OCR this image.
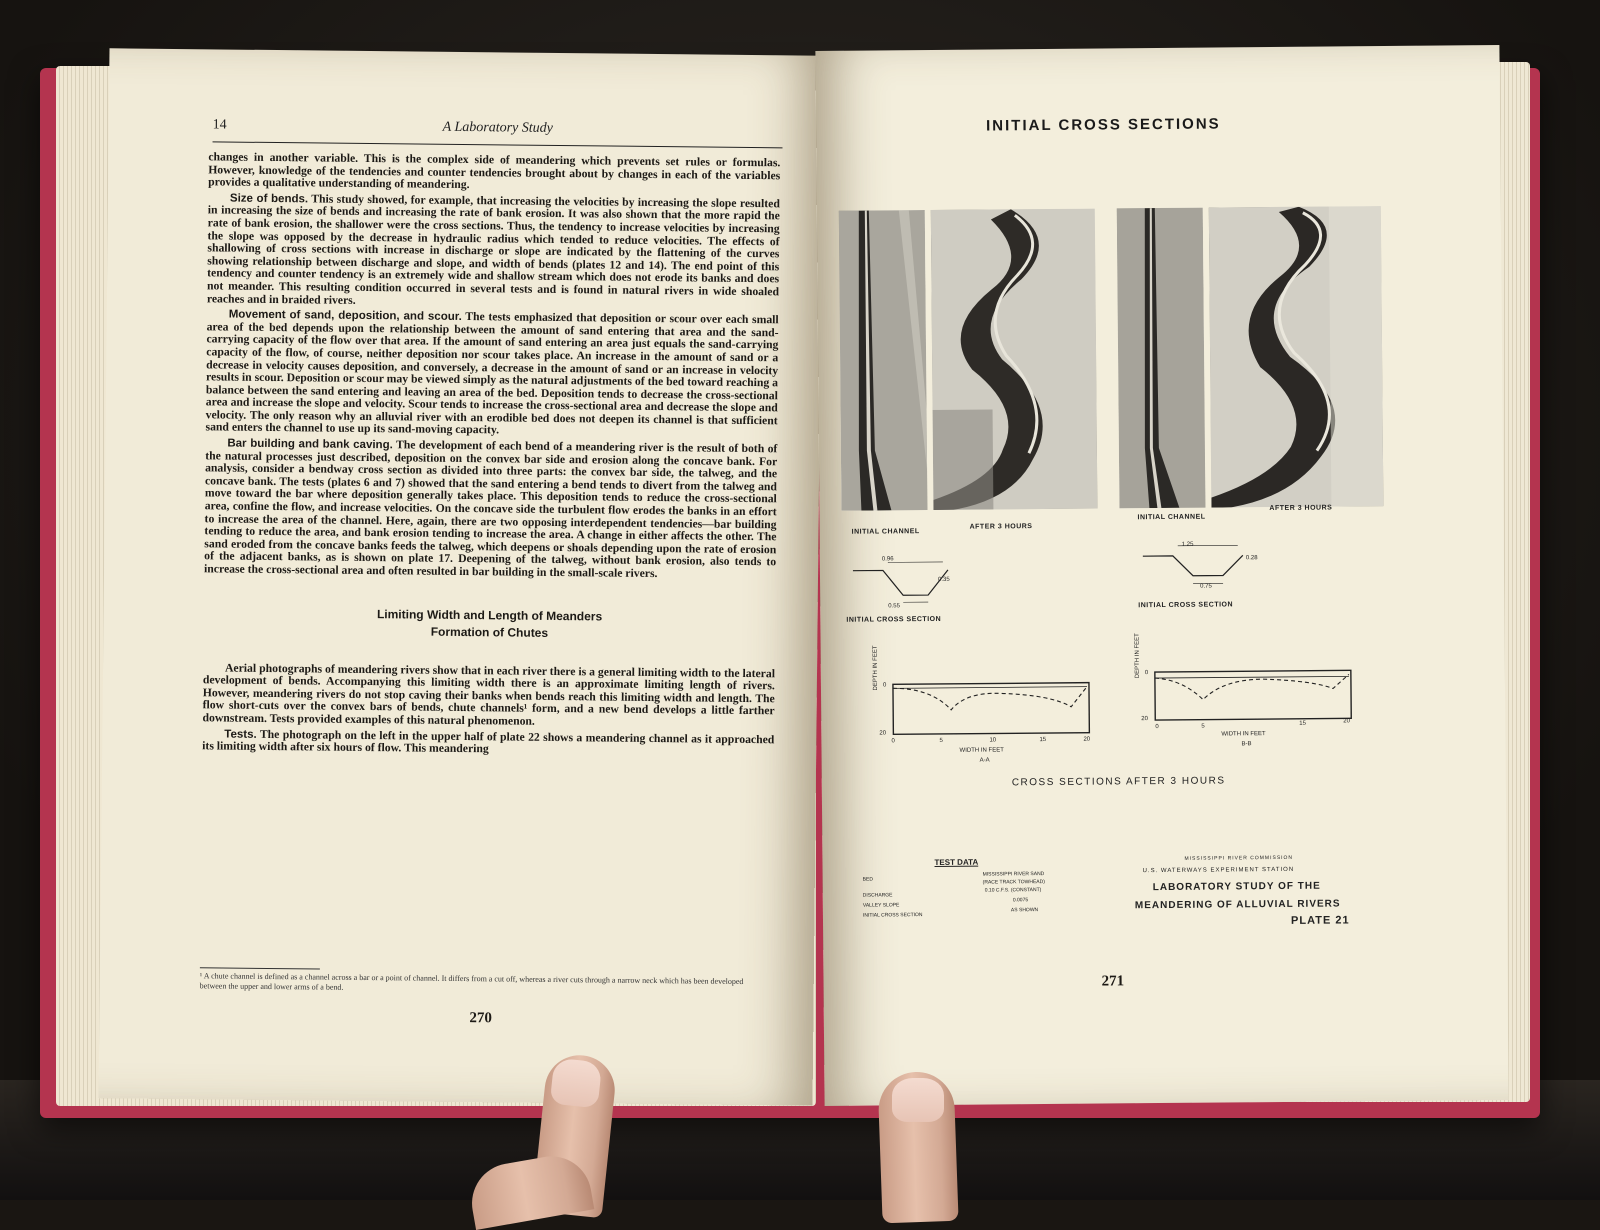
14	A Laboratory Study

changes in another variable. This is the complex side of meandering which prevents set rules or formulas. However, knowledge of the tendencies and counter tendencies brought about by changes in each of the variables provides a qualitative understanding of meandering.

Size of bends. This study showed, for example, that increasing the velocities by increasing the slope resulted in increasing the size of bends and increasing the rate of bank erosion. It was also shown that the more rapid the rate of bank erosion, the shallower were the cross sections. Thus, the tendency to increase velocities by increasing the slope was opposed by the decrease in hydraulic radius which tended to reduce velocities. The effects of shallowing of cross sections with increase in discharge or slope are indicated by the flattening of the curves showing relationship between discharge and slope, and width of bends (plates 12 and 14). The end point of this tendency and counter tendency is an extremely wide and shallow stream which does not erode its banks and does not meander. This resulting condition occurred in several tests and is found in natural rivers in wide shoaled reaches and in braided rivers.

Movement of sand, deposition, and scour. The tests emphasized that deposition or scour over each small area of the bed depends upon the relationship between the amount of sand entering that area and the sand-carrying capacity of the flow over that area. If the amount of sand entering an area just equals the sand-carrying capacity of the flow, of course, neither deposition nor scour takes place. An increase in the amount of sand or a decrease in velocity causes deposition, and conversely, a decrease in the amount of sand or an increase in velocity results in scour. Deposition or scour may be viewed simply as the natural adjustments of the bed toward reaching a balance between the sand entering and leaving an area of the bed. Deposition tends to decrease the cross-sectional area and increase the slope and velocity. Scour tends to increase the cross-sectional area and decrease the slope and velocity. The only reason why an alluvial river with an erodible bed does not deepen its channel is that sufficient sand enters the channel to use up its sand-moving capacity.

Bar building and bank caving. The development of each bend of a meandering river is the result of both of the natural processes just described, deposition on the convex bar side and erosion along the concave bank. For analysis, consider a bendway cross section as divided into three parts: the convex bar side, the talweg, and the concave bank. The tests (plates 6 and 7) showed that the sand entering a bend tends to divert from the talweg and move toward the bar where deposition generally takes place. This deposition tends to reduce the cross-sectional area, confine the flow, and increase velocities. On the concave side the turbulent flow erodes the banks in an effort to increase the area of the channel. Here, again, there are two opposing interdependent tendencies—bar building tending to reduce the area, and bank erosion tending to increase the area. A change in either affects the other. The sand eroded from the concave banks feeds the talweg, which deepens or shoals depending upon the rate of erosion of the adjacent banks, as is shown on plate 17. Deepening of the talweg, without bank erosion, also tends to increase the cross-sectional area and often resulted in bar building in the small-scale rivers.

Limiting Width and Length of Meanders
Formation of Chutes

Aerial photographs of meandering rivers show that in each river there is a general limiting width to the lateral development of bends. Accompanying this limiting width there is an approximate limiting length of rivers. However, meandering rivers do not stop caving their banks when bends reach this limiting width and length. The flow short-cuts over the convex bars of bends, chute channels¹ form, and a new bend develops a little farther downstream. Tests provided examples of this natural phenomenon.

Tests. The photograph on the left in the upper half of plate 22 shows a meandering channel as it approached its limiting width after six hours of flow. This meandering

¹ A chute channel is defined as a channel across a bar or a point of channel. It differs from a cut off, whereas a river cuts through a narrow neck which has been developed between the upper and lower arms of a bend.
270
INITIAL CROSS SECTIONS
INITIAL CHANNEL
AFTER 3 HOURS
INITIAL CHANNEL
AFTER 3 HOURS
0.96
0.35
0.55
INITIAL CROSS SECTION
1.25
0.28
0.75
INITIAL CROSS SECTION
DEPTH IN FEET 0
20
0	5	10	15	20
WIDTH IN FEET
A-A
DEPTH IN FEET 0
20
0	5	15	20
WIDTH IN FEET
B-B
CROSS SECTIONS AFTER 3 HOURS
TEST DATA
BED
MISSISSIPPI RIVER SAND
(RACE TRACK TOWHEAD)
DISCHARGE
0.10 C.F.S. (CONSTANT)
VALLEY SLOPE
0.0075
INITIAL CROSS SECTION
AS SHOWN
MISSISSIPPI RIVER COMMISSION
U.S. WATERWAYS EXPERIMENT STATION
LABORATORY STUDY OF THE
MEANDERING OF ALLUVIAL RIVERS
PLATE 21
271
